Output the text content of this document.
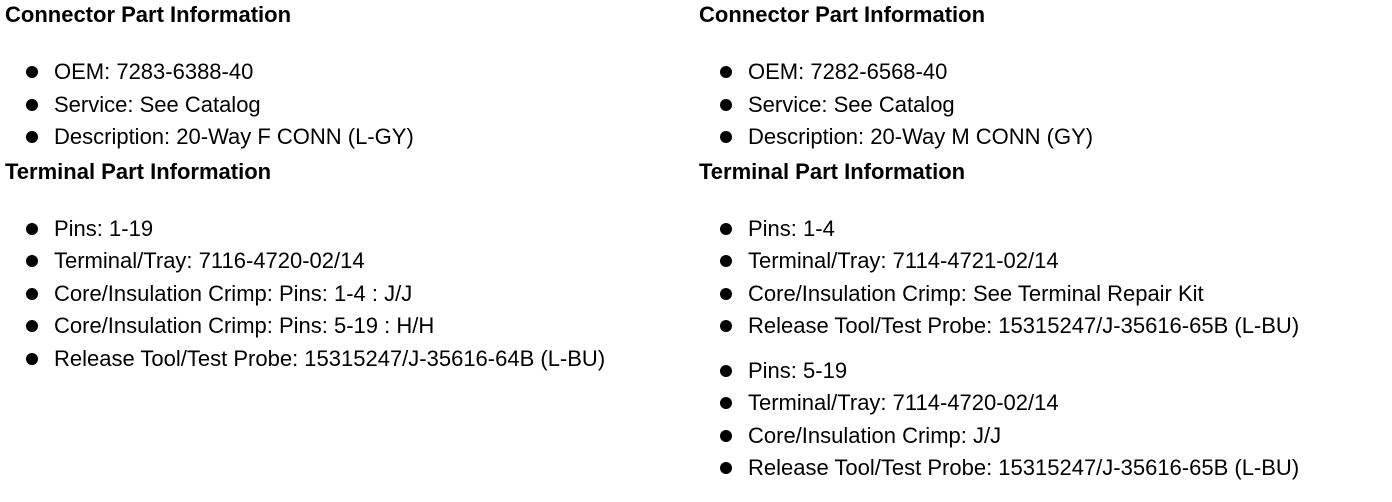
Connector Part Information
OEM: 7283-6388-40
Service: See Catalog
Description: 20-Way F CONN (L-GY)
Terminal Part Information
Pins: 1-19
Terminal/Tray: 7116-4720-02/14
Core/Insulation Crimp: Pins: 1-4 : J/J
Core/Insulation Crimp: Pins: 5-19 : H/H
Release Tool/Test Probe: 15315247/J-35616-64B (L-BU)
Connector Part Information
OEM: 7282-6568-40
Service: See Catalog
Description: 20-Way M CONN (GY)
Terminal Part Information
Pins: 1-4
Terminal/Tray: 7114-4721-02/14
Core/Insulation Crimp: See Terminal Repair Kit
Release Tool/Test Probe: 15315247/J-35616-65B (L-BU)
Pins: 5-19
Terminal/Tray: 7114-4720-02/14
Core/Insulation Crimp: J/J
Release Tool/Test Probe: 15315247/J-35616-65B (L-BU)
